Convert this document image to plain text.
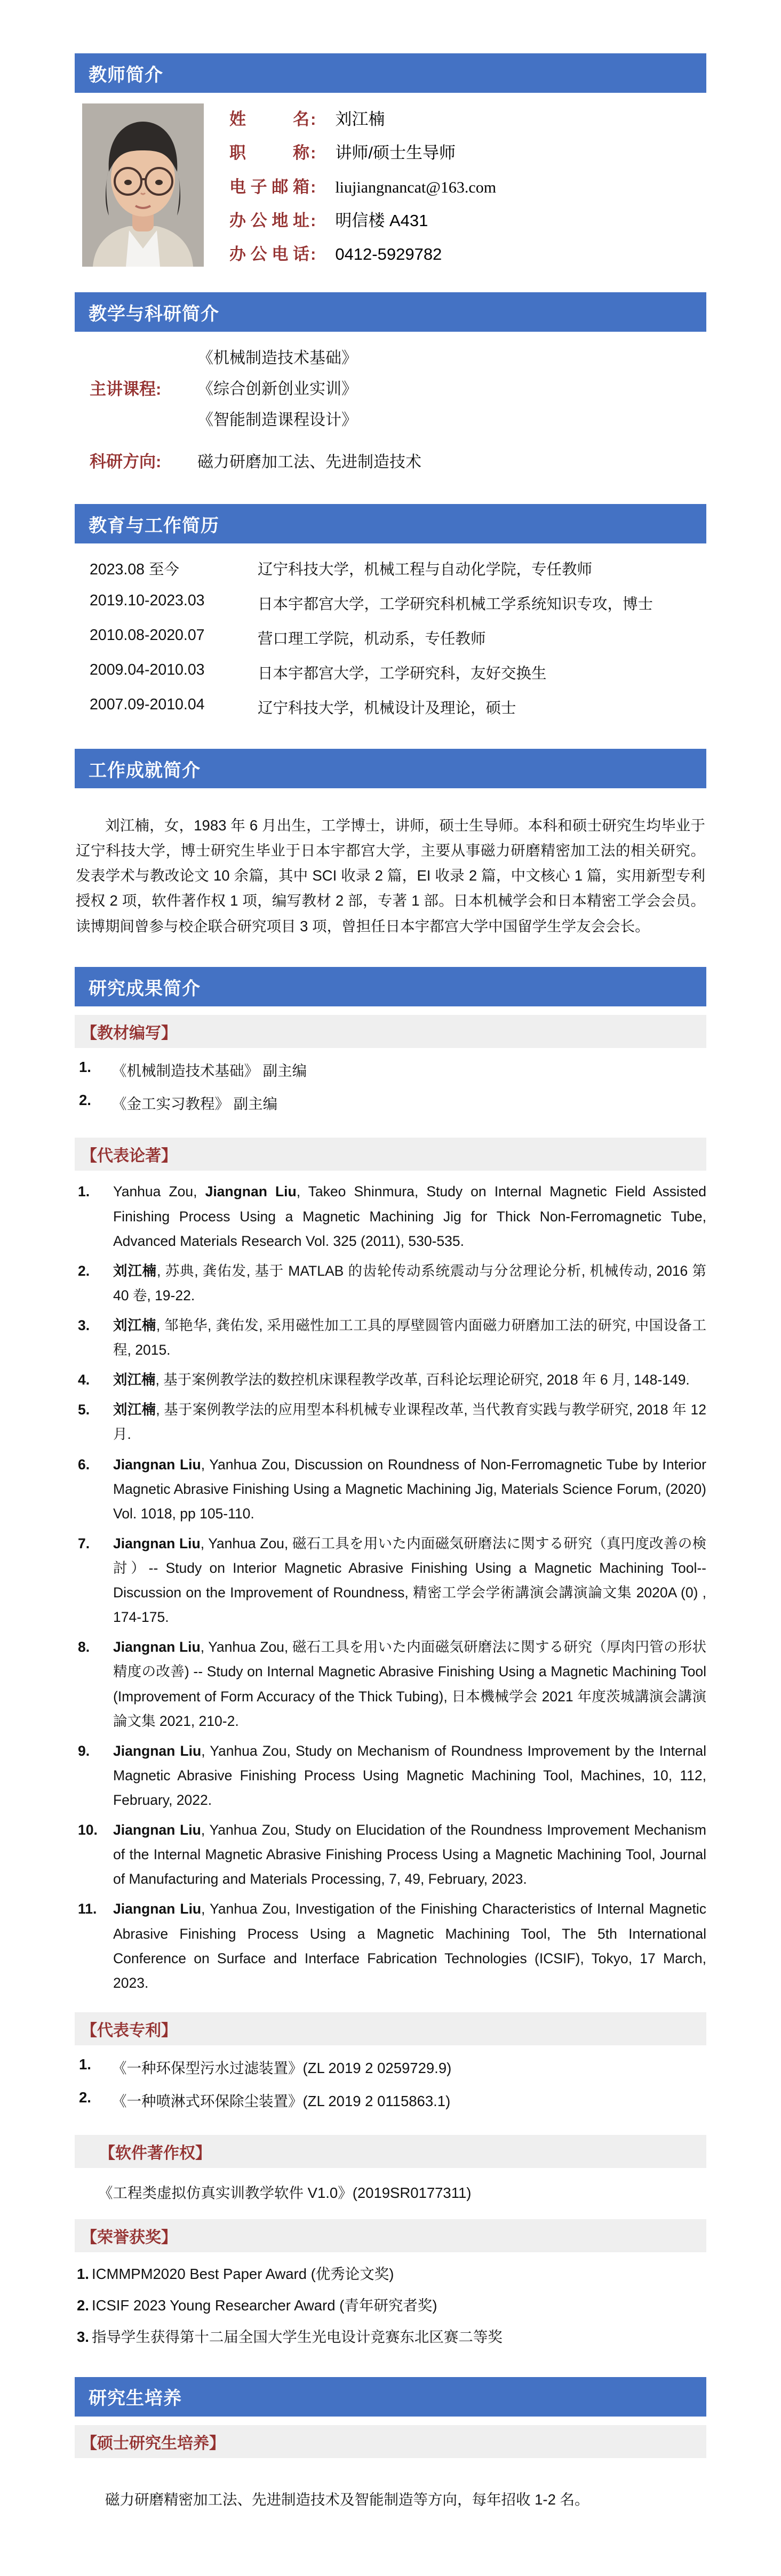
教师简介
姓名 : 刘江楠
职称 : 讲师/硕士生导师
电子邮箱 : liujiangnancat@163.com
办公地址 : 明信楼 A431
办公电话 : 0412-5929782
教学与科研简介
主讲课程:
《机械制造技术基础》
《综合创新创业实训》
《智能制造课程设计》
科研方向:	磁力研磨加工法、先进制造技术
教育与工作简历
2023.08 至今	辽宁科技大学，机械工程与自动化学院，专任教师
2019.10-2023.03	日本宇都宫大学，工学研究科机械工学系统知识专攻，博士
2010.08-2020.07	营口理工学院，机动系，专任教师
2009.04-2010.03	日本宇都宫大学，工学研究科，友好交换生
2007.09-2010.04	辽宁科技大学，机械设计及理论，硕士
工作成就简介

刘江楠，女，1983 年 6 月出生，工学博士，讲师，硕士生导师。本科和硕士研究生均毕业于辽宁科技大学，博士研究生毕业于日本宇都宫大学，主要从事磁力研磨精密加工法的相关研究。发表学术与教改论文 10 余篇，其中 SCI 收录 2 篇，EI 收录 2 篇，中文核心 1 篇，实用新型专利授权 2 项，软件著作权 1 项，编写教材 2 部，专著 1 部。日本机械学会和日本精密工学会会员。读博期间曾参与校企联合研究项目 3 项，曾担任日本宇都宫大学中国留学生学友会会长。

研究成果简介
【教材编写】
1.	《机械制造技术基础》 副主编
2.	《金工实习教程》 副主编
【代表论著】
1. Yanhua Zou, Jiangnan Liu, Takeo Shinmura, Study on Internal Magnetic Field Assisted Finishing Process Using a Magnetic Machining Jig for Thick Non-Ferromagnetic Tube, Advanced Materials Research Vol. 325 (2011), 530-535.
2. 刘江楠, 苏典, 龚佑发, 基于 MATLAB 的齿轮传动系统震动与分岔理论分析, 机械传动, 2016 第 40 卷, 19-22.
3. 刘江楠, 邹艳华, 龚佑发, 采用磁性加工工具的厚壁圆管内面磁力研磨加工法的研究, 中国设备工程, 2015.
4. 刘江楠, 基于案例教学法的数控机床课程教学改革, 百科论坛理论研究, 2018 年 6 月, 148-149.
5. 刘江楠, 基于案例教学法的应用型本科机械专业课程改革, 当代教育实践与教学研究, 2018 年 12 月.
6. Jiangnan Liu, Yanhua Zou, Discussion on Roundness of Non-Ferromagnetic Tube by Interior Magnetic Abrasive Finishing Using a Magnetic Machining Jig, Materials Science Forum, (2020) Vol. 1018, pp 105-110.
7. Jiangnan Liu, Yanhua Zou, 磁石工具を用いた内面磁気研磨法に関する研究（真円度改善の検討）-- Study on Interior Magnetic Abrasive Finishing Using a Magnetic Machining Tool--Discussion on the Improvement of Roundness, 精密工学会学術講演会講演論文集 2020A (0) , 174-175.
8. Jiangnan Liu, Yanhua Zou, 磁石工具を用いた内面磁気研磨法に関する研究（厚肉円管の形状精度の改善) -- Study on Internal Magnetic Abrasive Finishing Using a Magnetic Machining Tool (Improvement of Form Accuracy of the Thick Tubing), 日本機械学会 2021 年度茨城講演会講演論文集 2021, 210-2.
9. Jiangnan Liu, Yanhua Zou, Study on Mechanism of Roundness Improvement by the Internal Magnetic Abrasive Finishing Process Using Magnetic Machining Tool, Machines, 10, 112, February, 2022.
10. Jiangnan Liu, Yanhua Zou, Study on Elucidation of the Roundness Improvement Mechanism of the Internal Magnetic Abrasive Finishing Process Using a Magnetic Machining Tool, Journal of Manufacturing and Materials Processing, 7, 49, February, 2023.
11. Jiangnan Liu, Yanhua Zou, Investigation of the Finishing Characteristics of Internal Magnetic Abrasive Finishing Process Using a Magnetic Machining Tool, The 5th International Conference on Surface and Interface Fabrication Technologies (ICSIF), Tokyo, 17 March, 2023.
【代表专利】
1.	《一种环保型污水过滤装置》(ZL 2019 2 0259729.9)
2.	《一种喷淋式环保除尘装置》(ZL 2019 2 0115863.1)
【软件著作权】
《工程类虚拟仿真实训教学软件 V1.0》(2019SR0177311)
【荣誉获奖】
1. ICMMPM2020 Best Paper Award (优秀论文奖)
2. ICSIF 2023 Young Researcher Award (青年研究者奖)
3. 指导学生获得第十二届全国大学生光电设计竞赛东北区赛二等奖
研究生培养
【硕士研究生培养】

磁力研磨精密加工法、先进制造技术及智能制造等方向，每年招收 1-2 名。
